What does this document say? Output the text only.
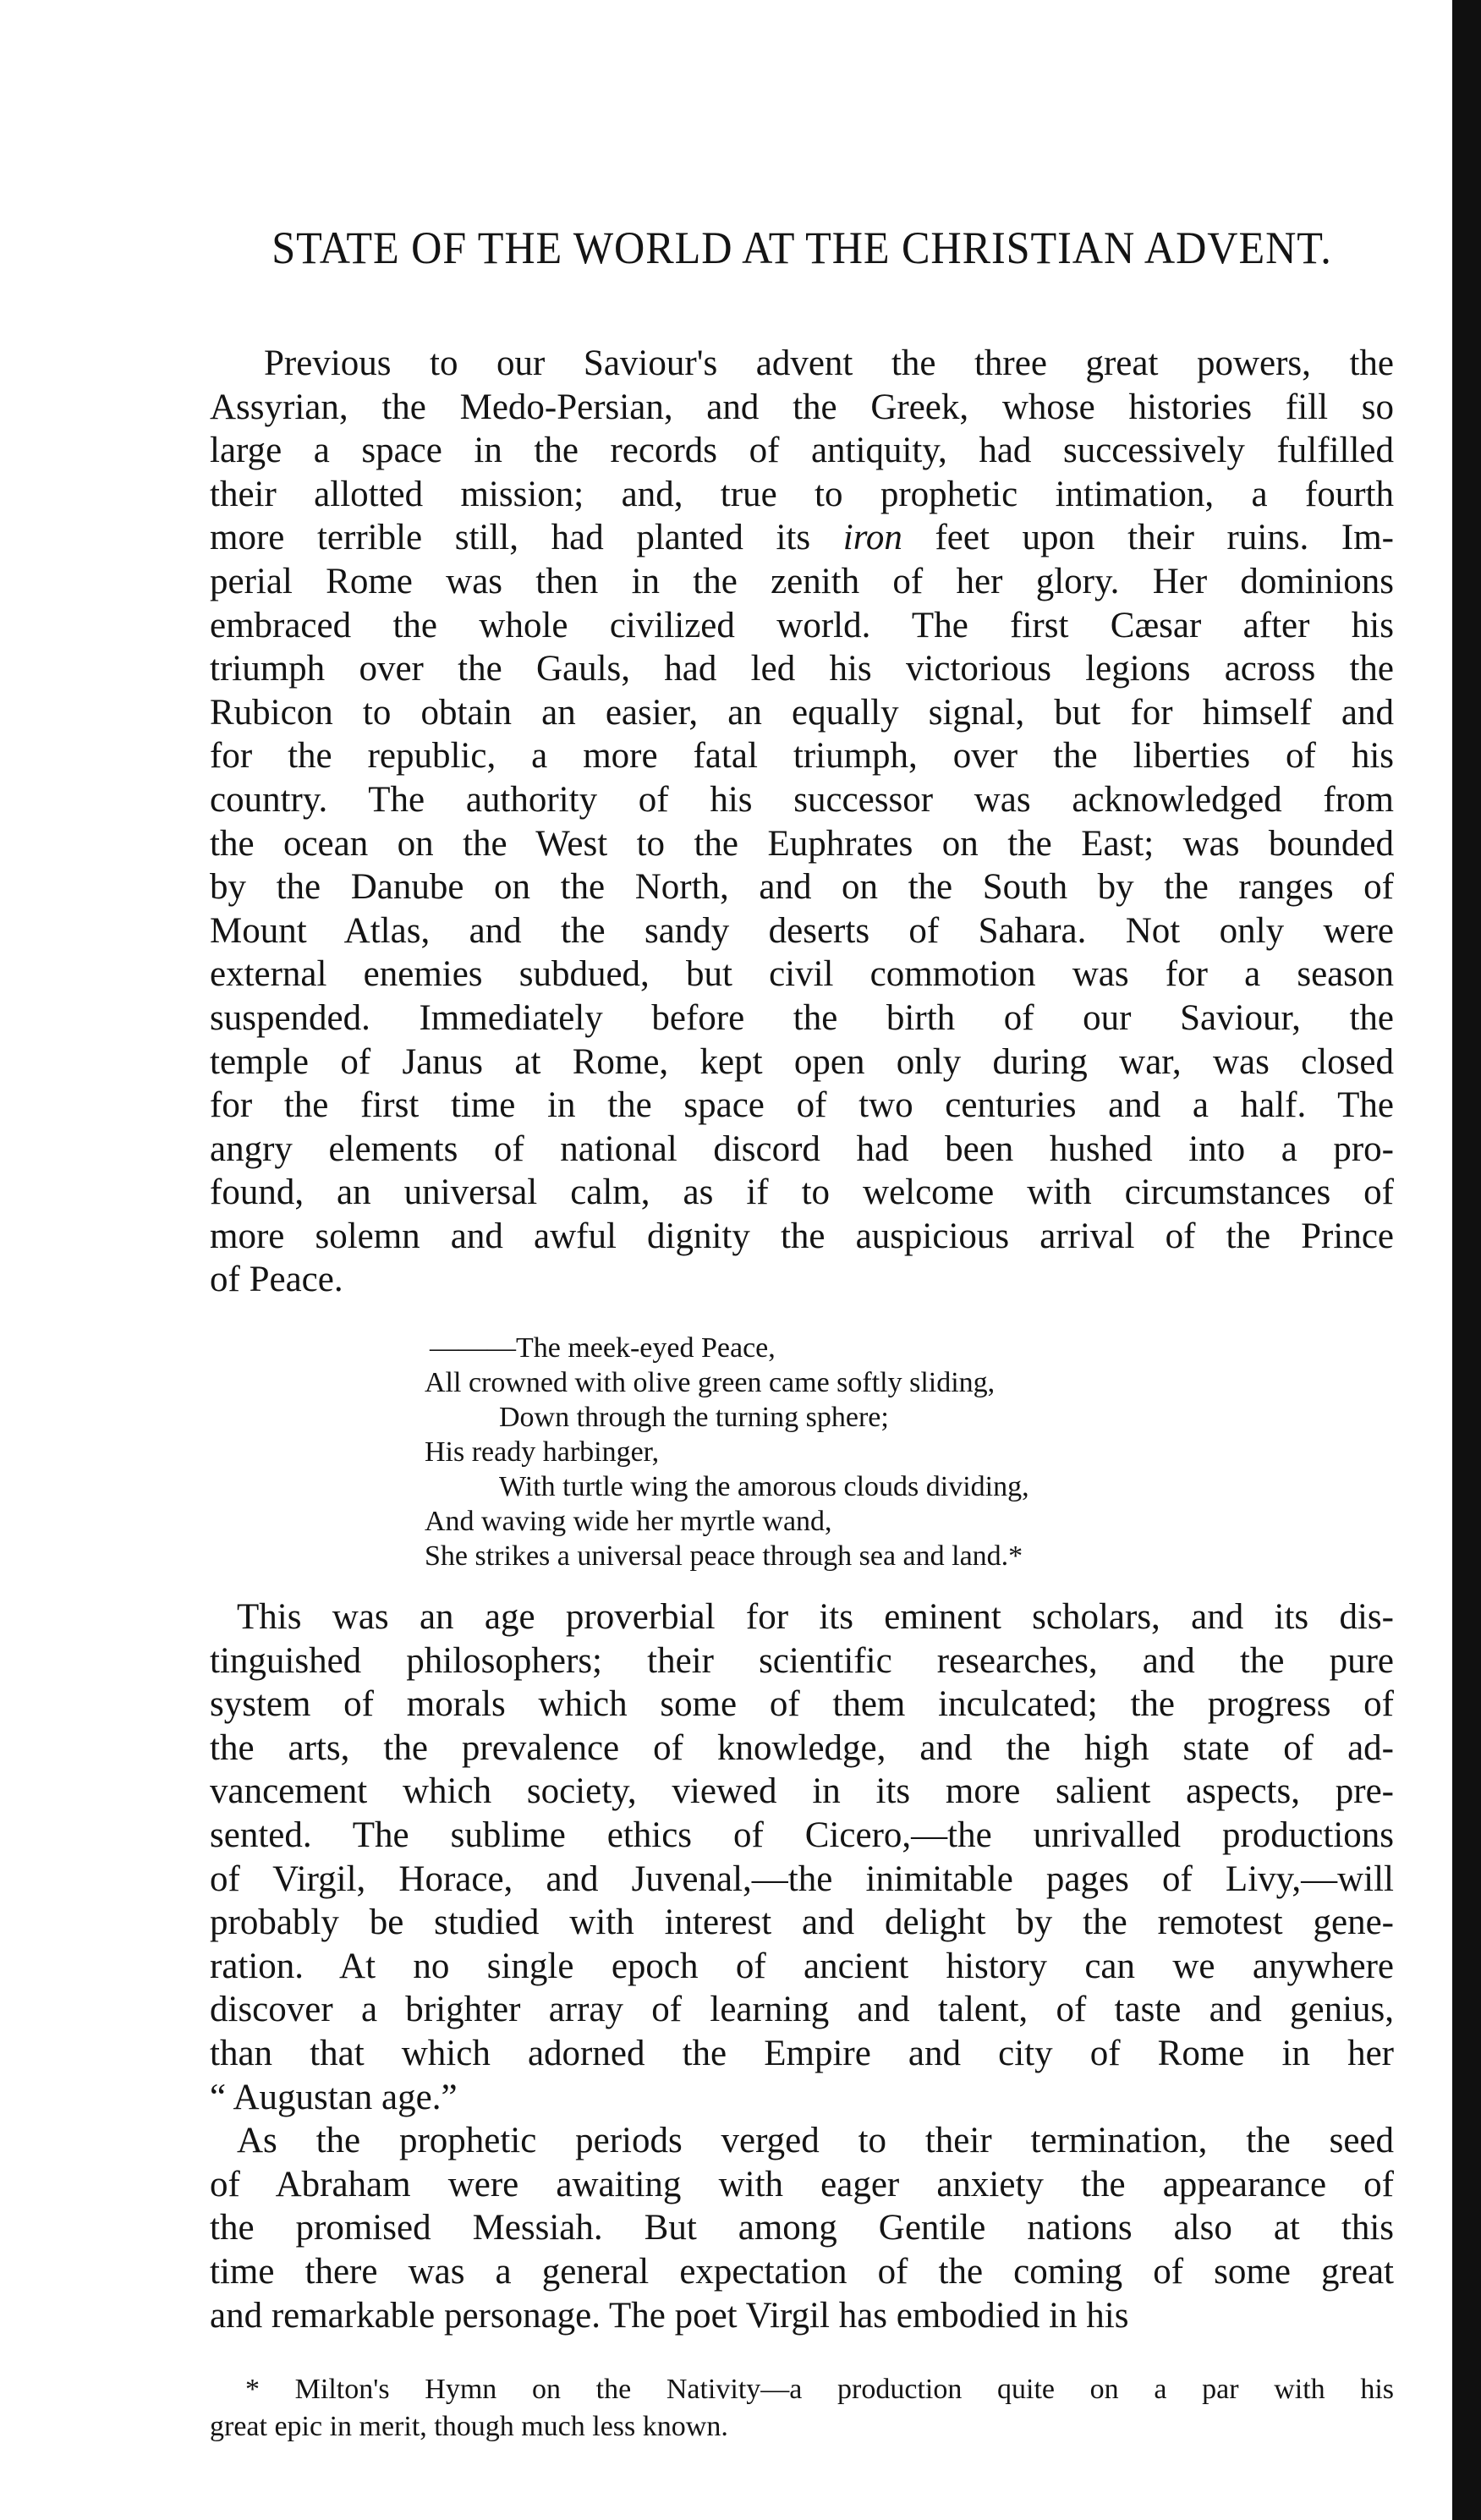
STATE OF THE WORLD AT THE CHRISTIAN ADVENT.
Previous to our Saviour's advent the three great powers, the
Assyrian, the Medo-Persian, and the Greek, whose histories fill so
large a space in the records of antiquity, had successively fulfilled
their allotted mission; and, true to prophetic intimation, a fourth
more terrible still, had planted its iron feet upon their ruins. Im-
perial Rome was then in the zenith of her glory. Her dominions
embraced the whole civilized world. The first Cæsar after his
triumph over the Gauls, had led his victorious legions across the
Rubicon to obtain an easier, an equally signal, but for himself and
for the republic, a more fatal triumph, over the liberties of his
country. The authority of his successor was acknowledged from
the ocean on the West to the Euphrates on the East; was bounded
by the Danube on the North, and on the South by the ranges of
Mount Atlas, and the sandy deserts of Sahara. Not only were
external enemies subdued, but civil commotion was for a season
suspended. Immediately before the birth of our Saviour, the
temple of Janus at Rome, kept open only during war, was closed
for the first time in the space of two centuries and a half. The
angry elements of national discord had been hushed into a pro-
found, an universal calm, as if to welcome with circumstances of
more solemn and awful dignity the auspicious arrival of the Prince
of Peace.
———The meek-eyed Peace,
All crowned with olive green came softly sliding,
Down through the turning sphere;
His ready harbinger,
With turtle wing the amorous clouds dividing,
And waving wide her myrtle wand,
She strikes a universal peace through sea and land.*
This was an age proverbial for its eminent scholars, and its dis-
tinguished philosophers; their scientific researches, and the pure
system of morals which some of them inculcated; the progress of
the arts, the prevalence of knowledge, and the high state of ad-
vancement which society, viewed in its more salient aspects, pre-
sented. The sublime ethics of Cicero,—the unrivalled productions
of Virgil, Horace, and Juvenal,—the inimitable pages of Livy,—will
probably be studied with interest and delight by the remotest gene-
ration. At no single epoch of ancient history can we anywhere
discover a brighter array of learning and talent, of taste and genius,
than that which adorned the Empire and city of Rome in her
“ Augustan age.”
As the prophetic periods verged to their termination, the seed
of Abraham were awaiting with eager anxiety the appearance of
the promised Messiah. But among Gentile nations also at this
time there was a general expectation of the coming of some great
and remarkable personage. The poet Virgil has embodied in his
* Milton's Hymn on the Nativity—a production quite on a par with his
great epic in merit, though much less known.
